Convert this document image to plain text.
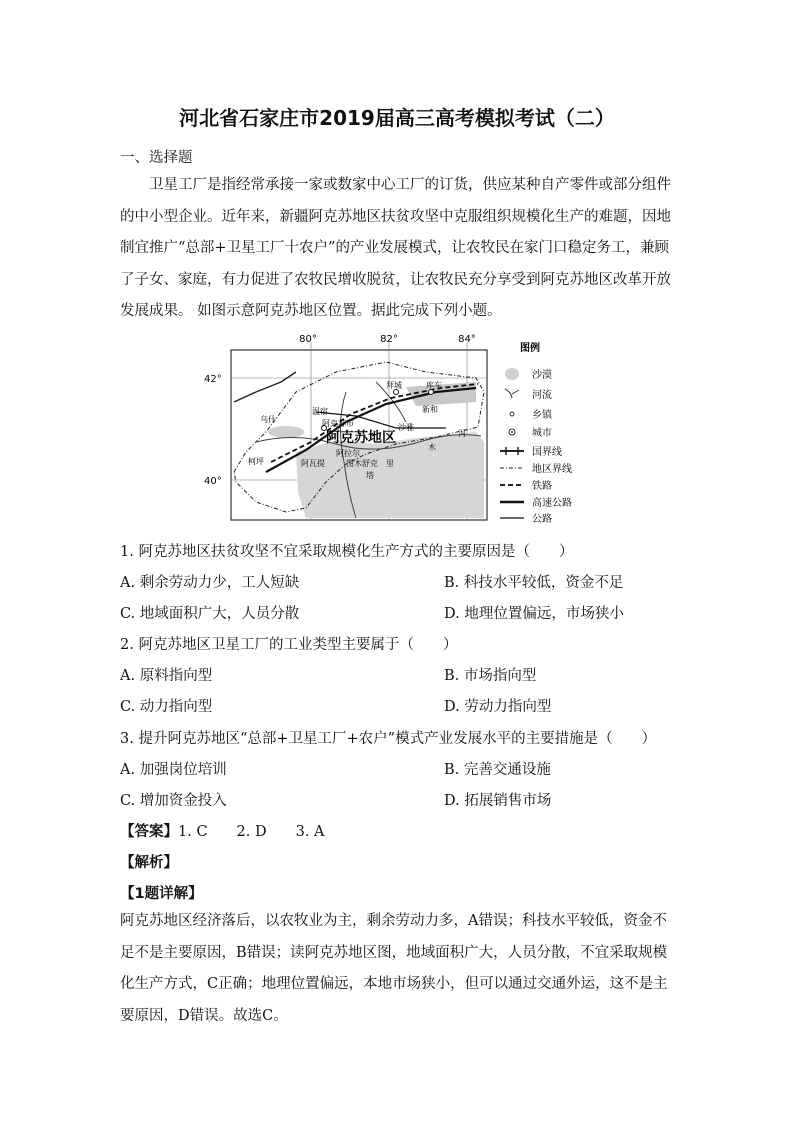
河北省石家庄市2019届高三高考模拟考试（二）
一、选择题

卫星工厂是指经常承接一家或数家中心工厂的订货，供应某种自产零件或部分组件的中小型企业。近年来，新疆阿克苏地区扶贫攻坚中克服组织规模化生产的难题，因地制宜推广“总部+卫星工厂十农户”的产业发展模式，让农牧民在家门口稳定务工，兼顾了子女、家庭，有力促进了农牧民增收脱贫，让农牧民充分享受到阿克苏地区改革开放发展成果。 如图示意阿克苏地区位置。据此完成下列小题。

80°	82°	84°
42°
40°
阿克苏地区
乌什
温宿
阿克苏市
拜城	库车
新和
沙雅
阿瓦提
柯坪
阿拉尔
图木舒克
塔
里
木
河
图例
沙漠
河流
乡镇
城市
国界线
地区界线
铁路
高速公路
公路
1. 阿克苏地区扶贫攻坚不宜采取规模化生产方式的主要原因是（　　）
A. 剩余劳动力少，工人短缺	B. 科技水平较低，资金不足
C. 地域面积广大，人员分散	D. 地理位置偏远，市场狭小
2. 阿克苏地区卫星工厂的工业类型主要属于（　　）
A. 原料指向型	B. 市场指向型
C. 动力指向型	D. 劳动力指向型
3. 提升阿克苏地区“总部+卫星工厂+农户”模式产业发展水平的主要措施是（　　）
A. 加强岗位培训	B. 完善交通设施
C. 增加资金投入	D. 拓展销售市场
【答案】1. C　　2. D　　3. A
【解析】
【1题详解】

阿克苏地区经济落后，以农牧业为主，剩余劳动力多，A错误；科技水平较低，资金不足不是主要原因，B错误；读阿克苏地区图，地域面积广大，人员分散，不宜采取规模化生产方式，C正确；地理位置偏远，本地市场狭小，但可以通过交通外运，这不是主要原因，D错误。故选C。
